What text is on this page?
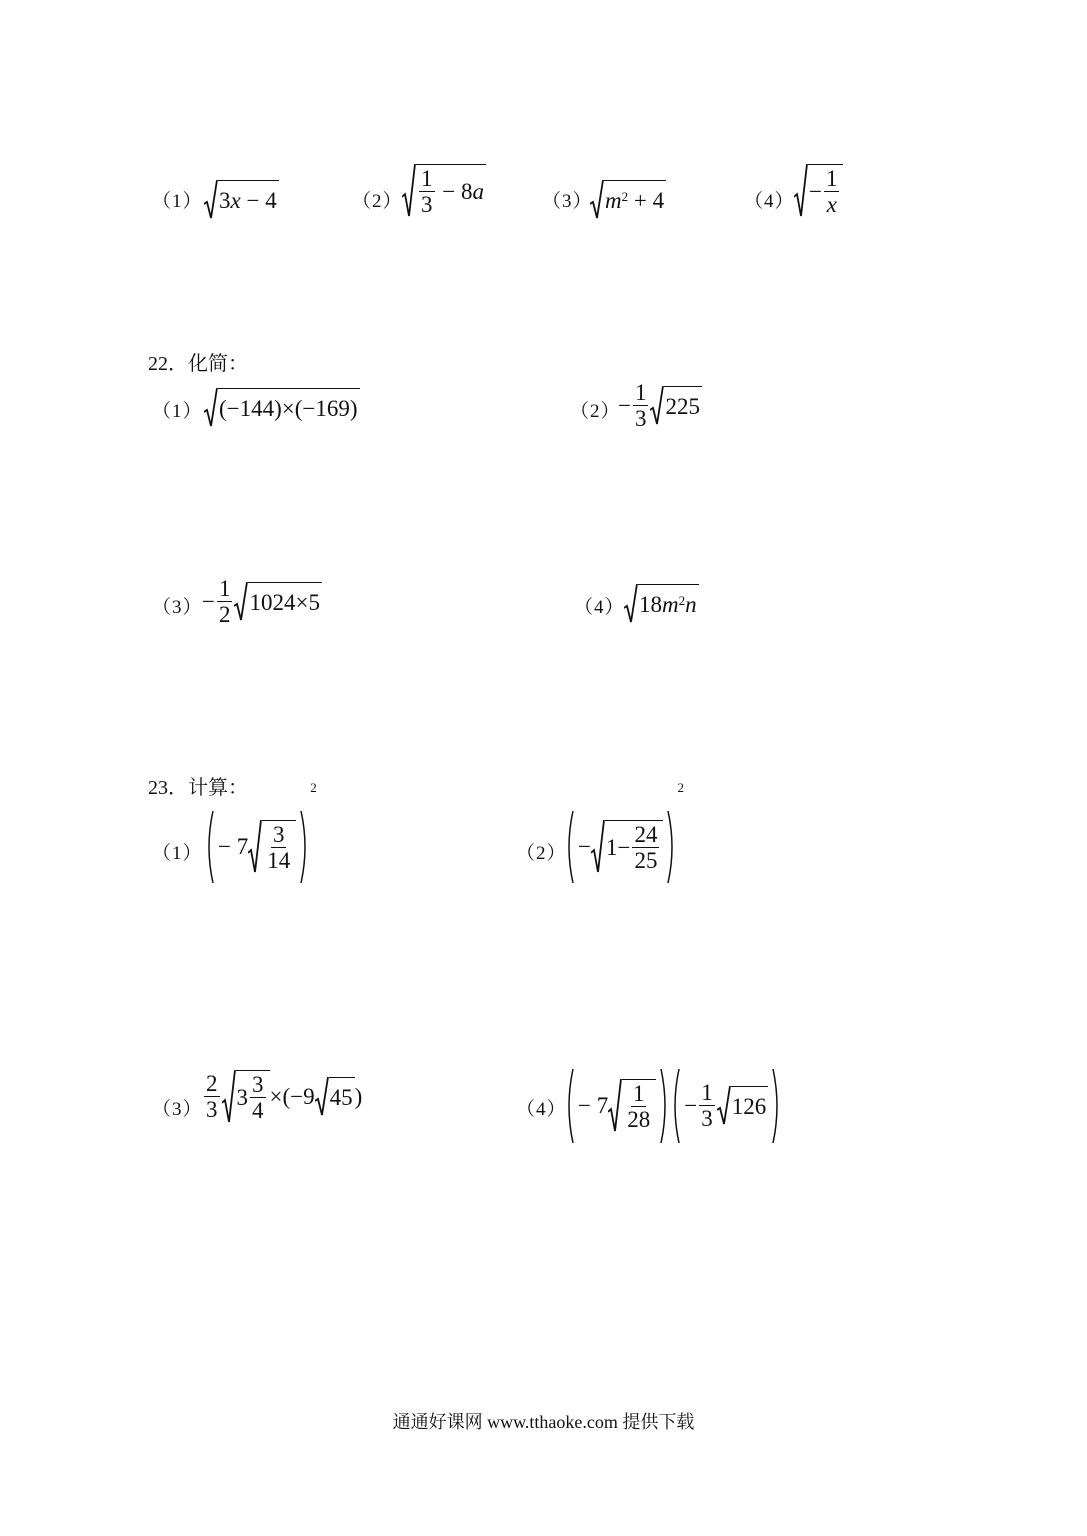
（1） 3 x − 4	$(2) \frac{1}{3} - 8$ a	（3） m 2 + 4	$(4) - \frac{1}{x}$
22．化简：
（1） (−144)×(−169)	（2）
− $\frac{1}{3} 225$
$(3) - \frac{1}{2} 1024\times 5$	（4） 18 m 2 n
23．计算：
$(1) - 7 \frac{3}{14}$
$^2$
$(2) - 1- \frac{24}{25}$
$^2$
$(3) \frac{2}{3} 3 \frac{3}{4} \times(-9$ 45 )
$(4) - 7 \frac{1}{28} - \frac{1}{3} 126$
通通好课网 www.tthaoke.com 提供下载
